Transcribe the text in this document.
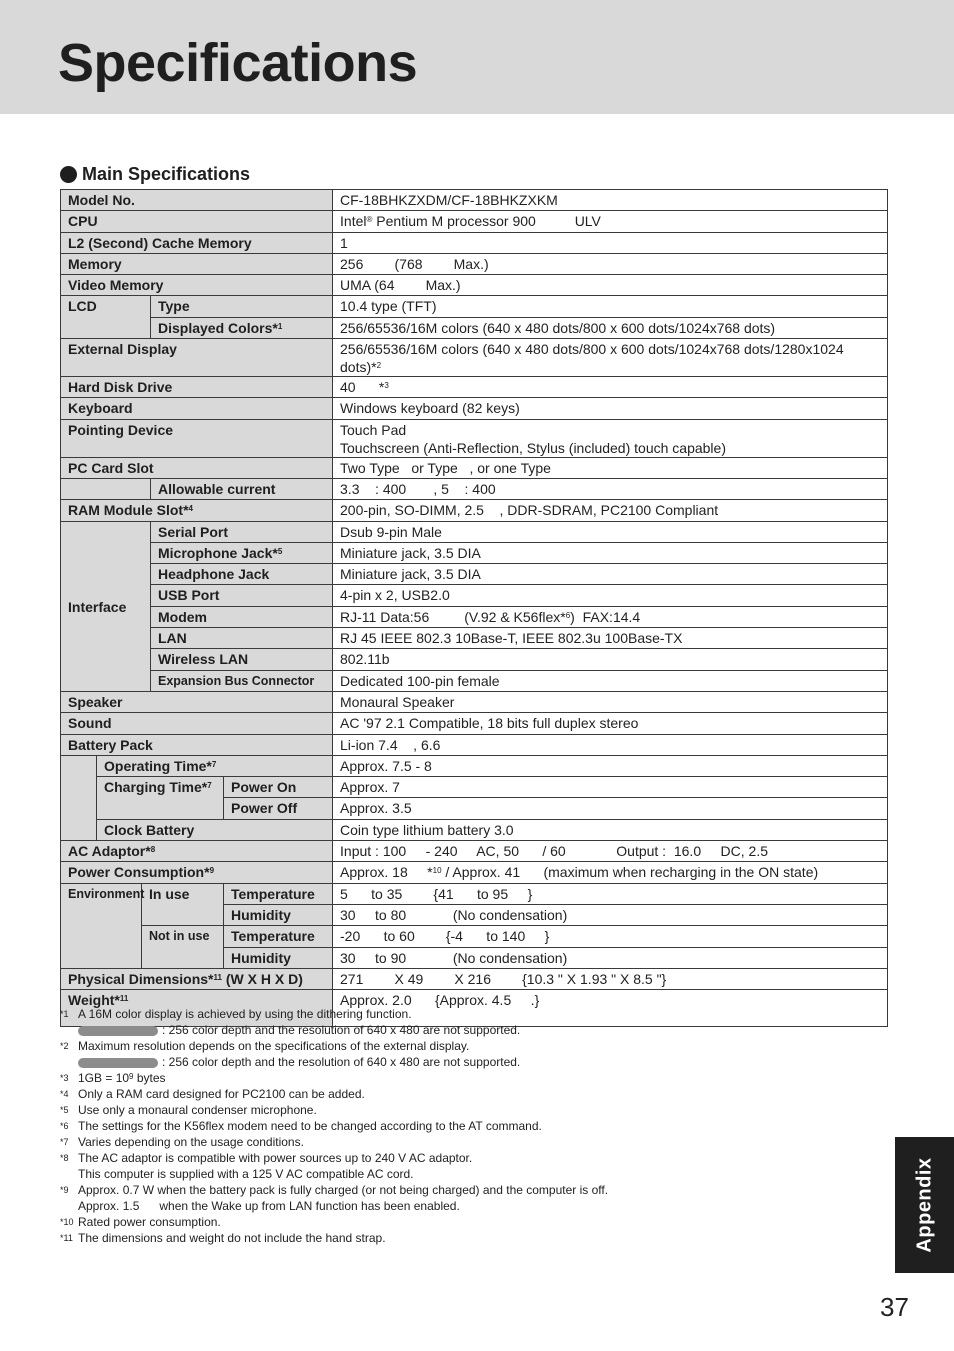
Specifications
Main Specifications
Model No.					CF-18BHKZXDM/CF-18BHKZXKM
CPU					Intel® Pentium M processor 900          ULV
L2 (Second) Cache Memory					1
Memory					256        (768        Max.)
Video Memory					UMA (64        Max.)
LCD			Type		10.4 type (TFT)
			Displayed Colors*$^1$		256/65536/16M colors (640 x 480 dots/800 x 600 dots/1024x768 dots)
External Display					256/65536/16M colors (640 x 480 dots/800 x 600 dots/1024x768 dots/1280x1024 dots)*$^2$
Hard Disk Drive					40      *$^3$
Keyboard					Windows keyboard (82 keys)
Pointing Device					Touch Pad
Touchscreen (Anti-Reflection, Stylus (included) touch capable)

PC Card Slot					Two Type   or Type   , or one Type
			Allowable current		3.3    : 400       , 5    : 400
RAM Module Slot*$^4$					200-pin, SO-DIMM, 2.5    , DDR-SDRAM, PC2100 Compliant
Interface			Serial Port		Dsub 9-pin Male
			Microphone Jack*$^5$		Miniature jack, 3.5 DIA
			Headphone Jack		Miniature jack, 3.5 DIA
			USB Port		4-pin x 2, USB2.0
			Modem		RJ-11 Data:56         (V.92 & K56flex*$^6$)  FAX:14.4
			LAN		RJ 45 IEEE 802.3 10Base-T, IEEE 802.3u 100Base-TX
			Wireless LAN		802.11b
			Expansion Bus Connector		Dedicated 100-pin female
Speaker					Monaural Speaker
Sound					AC '97 2.1 Compatible, 18 bits full duplex stereo
Battery Pack					Li-ion 7.4    , 6.6
	Operating Time*$^7$				Approx. 7.5 - 8
	Charging Time*$^7$			Power On	Approx. 7
				Power Off	Approx. 3.5
	Clock Battery				Coin type lithium battery 3.0
AC Adaptor*$^8$					Input : 100     - 240     AC, 50      / 60             Output :  16.0     DC, 2.5
Power Consumption*$^9$					Approx. 18     *$^{10}$ / Approx. 41      (maximum when recharging in the ON state)
Environment		In use		Temperature	5      to 35        {41      to 95     }
				Humidity	30     to 80            (No condensation)
		Not in use		Temperature	-20      to 60        {-4      to 140     }
				Humidity	30     to 90            (No condensation)
Physical Dimensions*$^{11}$ (W X H X D)					271        X 49        X 216        {10.3 " X 1.93 " X 8.5 "}
Weight*$^{11}$					Approx. 2.0      {Approx. 4.5     .}
*1 A 16M color display is achieved by using the dithering function.
: 256 color depth and the resolution of 640 x 480 are not supported.
*2 Maximum resolution depends on the specifications of the external display.
: 256 color depth and the resolution of 640 x 480 are not supported.
*3 $1GB = 10^9$ bytes
*4 Only a RAM card designed for PC2100 can be added.
*5 Use only a monaural condenser microphone.
*6 The settings for the K56flex modem need to be changed according to the AT command.
*7 Varies depending on the usage conditions.
*8 The AC adaptor is compatible with power sources up to 240 V AC adaptor.
This computer is supplied with a 125 V AC compatible AC cord.
*9 Approx. 0.7 W when the battery pack is fully charged (or not being charged) and the computer is off.
Approx. 1.5      when the Wake up from LAN function has been enabled.
*10 Rated power consumption.
*11 The dimensions and weight do not include the hand strap.	Appendix
37
